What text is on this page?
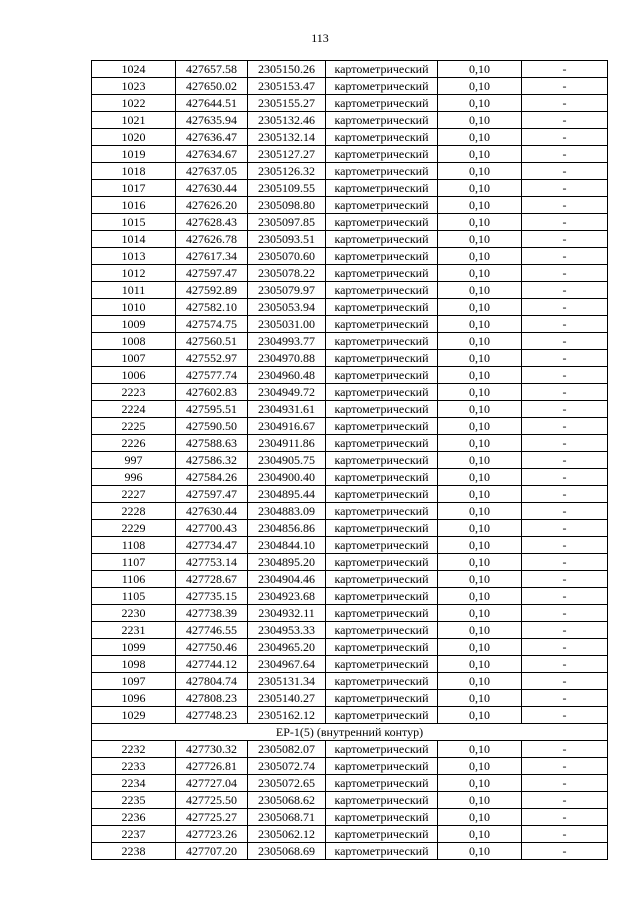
113
1024	427657.58	2305150.26	картометрический	0,10	-
1023	427650.02	2305153.47	картометрический	0,10	-
1022	427644.51	2305155.27	картометрический	0,10	-
1021	427635.94	2305132.46	картометрический	0,10	-
1020	427636.47	2305132.14	картометрический	0,10	-
1019	427634.67	2305127.27	картометрический	0,10	-
1018	427637.05	2305126.32	картометрический	0,10	-
1017	427630.44	2305109.55	картометрический	0,10	-
1016	427626.20	2305098.80	картометрический	0,10	-
1015	427628.43	2305097.85	картометрический	0,10	-
1014	427626.78	2305093.51	картометрический	0,10	-
1013	427617.34	2305070.60	картометрический	0,10	-
1012	427597.47	2305078.22	картометрический	0,10	-
1011	427592.89	2305079.97	картометрический	0,10	-
1010	427582.10	2305053.94	картометрический	0,10	-
1009	427574.75	2305031.00	картометрический	0,10	-
1008	427560.51	2304993.77	картометрический	0,10	-
1007	427552.97	2304970.88	картометрический	0,10	-
1006	427577.74	2304960.48	картометрический	0,10	-
2223	427602.83	2304949.72	картометрический	0,10	-
2224	427595.51	2304931.61	картометрический	0,10	-
2225	427590.50	2304916.67	картометрический	0,10	-
2226	427588.63	2304911.86	картометрический	0,10	-
997	427586.32	2304905.75	картометрический	0,10	-
996	427584.26	2304900.40	картометрический	0,10	-
2227	427597.47	2304895.44	картометрический	0,10	-
2228	427630.44	2304883.09	картометрический	0,10	-
2229	427700.43	2304856.86	картометрический	0,10	-
1108	427734.47	2304844.10	картометрический	0,10	-
1107	427753.14	2304895.20	картометрический	0,10	-
1106	427728.67	2304904.46	картометрический	0,10	-
1105	427735.15	2304923.68	картометрический	0,10	-
2230	427738.39	2304932.11	картометрический	0,10	-
2231	427746.55	2304953.33	картометрический	0,10	-
1099	427750.46	2304965.20	картометрический	0,10	-
1098	427744.12	2304967.64	картометрический	0,10	-
1097	427804.74	2305131.34	картометрический	0,10	-
1096	427808.23	2305140.27	картометрический	0,10	-
1029	427748.23	2305162.12	картометрический	0,10	-
ЕР-1(5) (внутренний контур)					
2232	427730.32	2305082.07	картометрический	0,10	-
2233	427726.81	2305072.74	картометрический	0,10	-
2234	427727.04	2305072.65	картометрический	0,10	-
2235	427725.50	2305068.62	картометрический	0,10	-
2236	427725.27	2305068.71	картометрический	0,10	-
2237	427723.26	2305062.12	картометрический	0,10	-
2238	427707.20	2305068.69	картометрический	0,10	-
